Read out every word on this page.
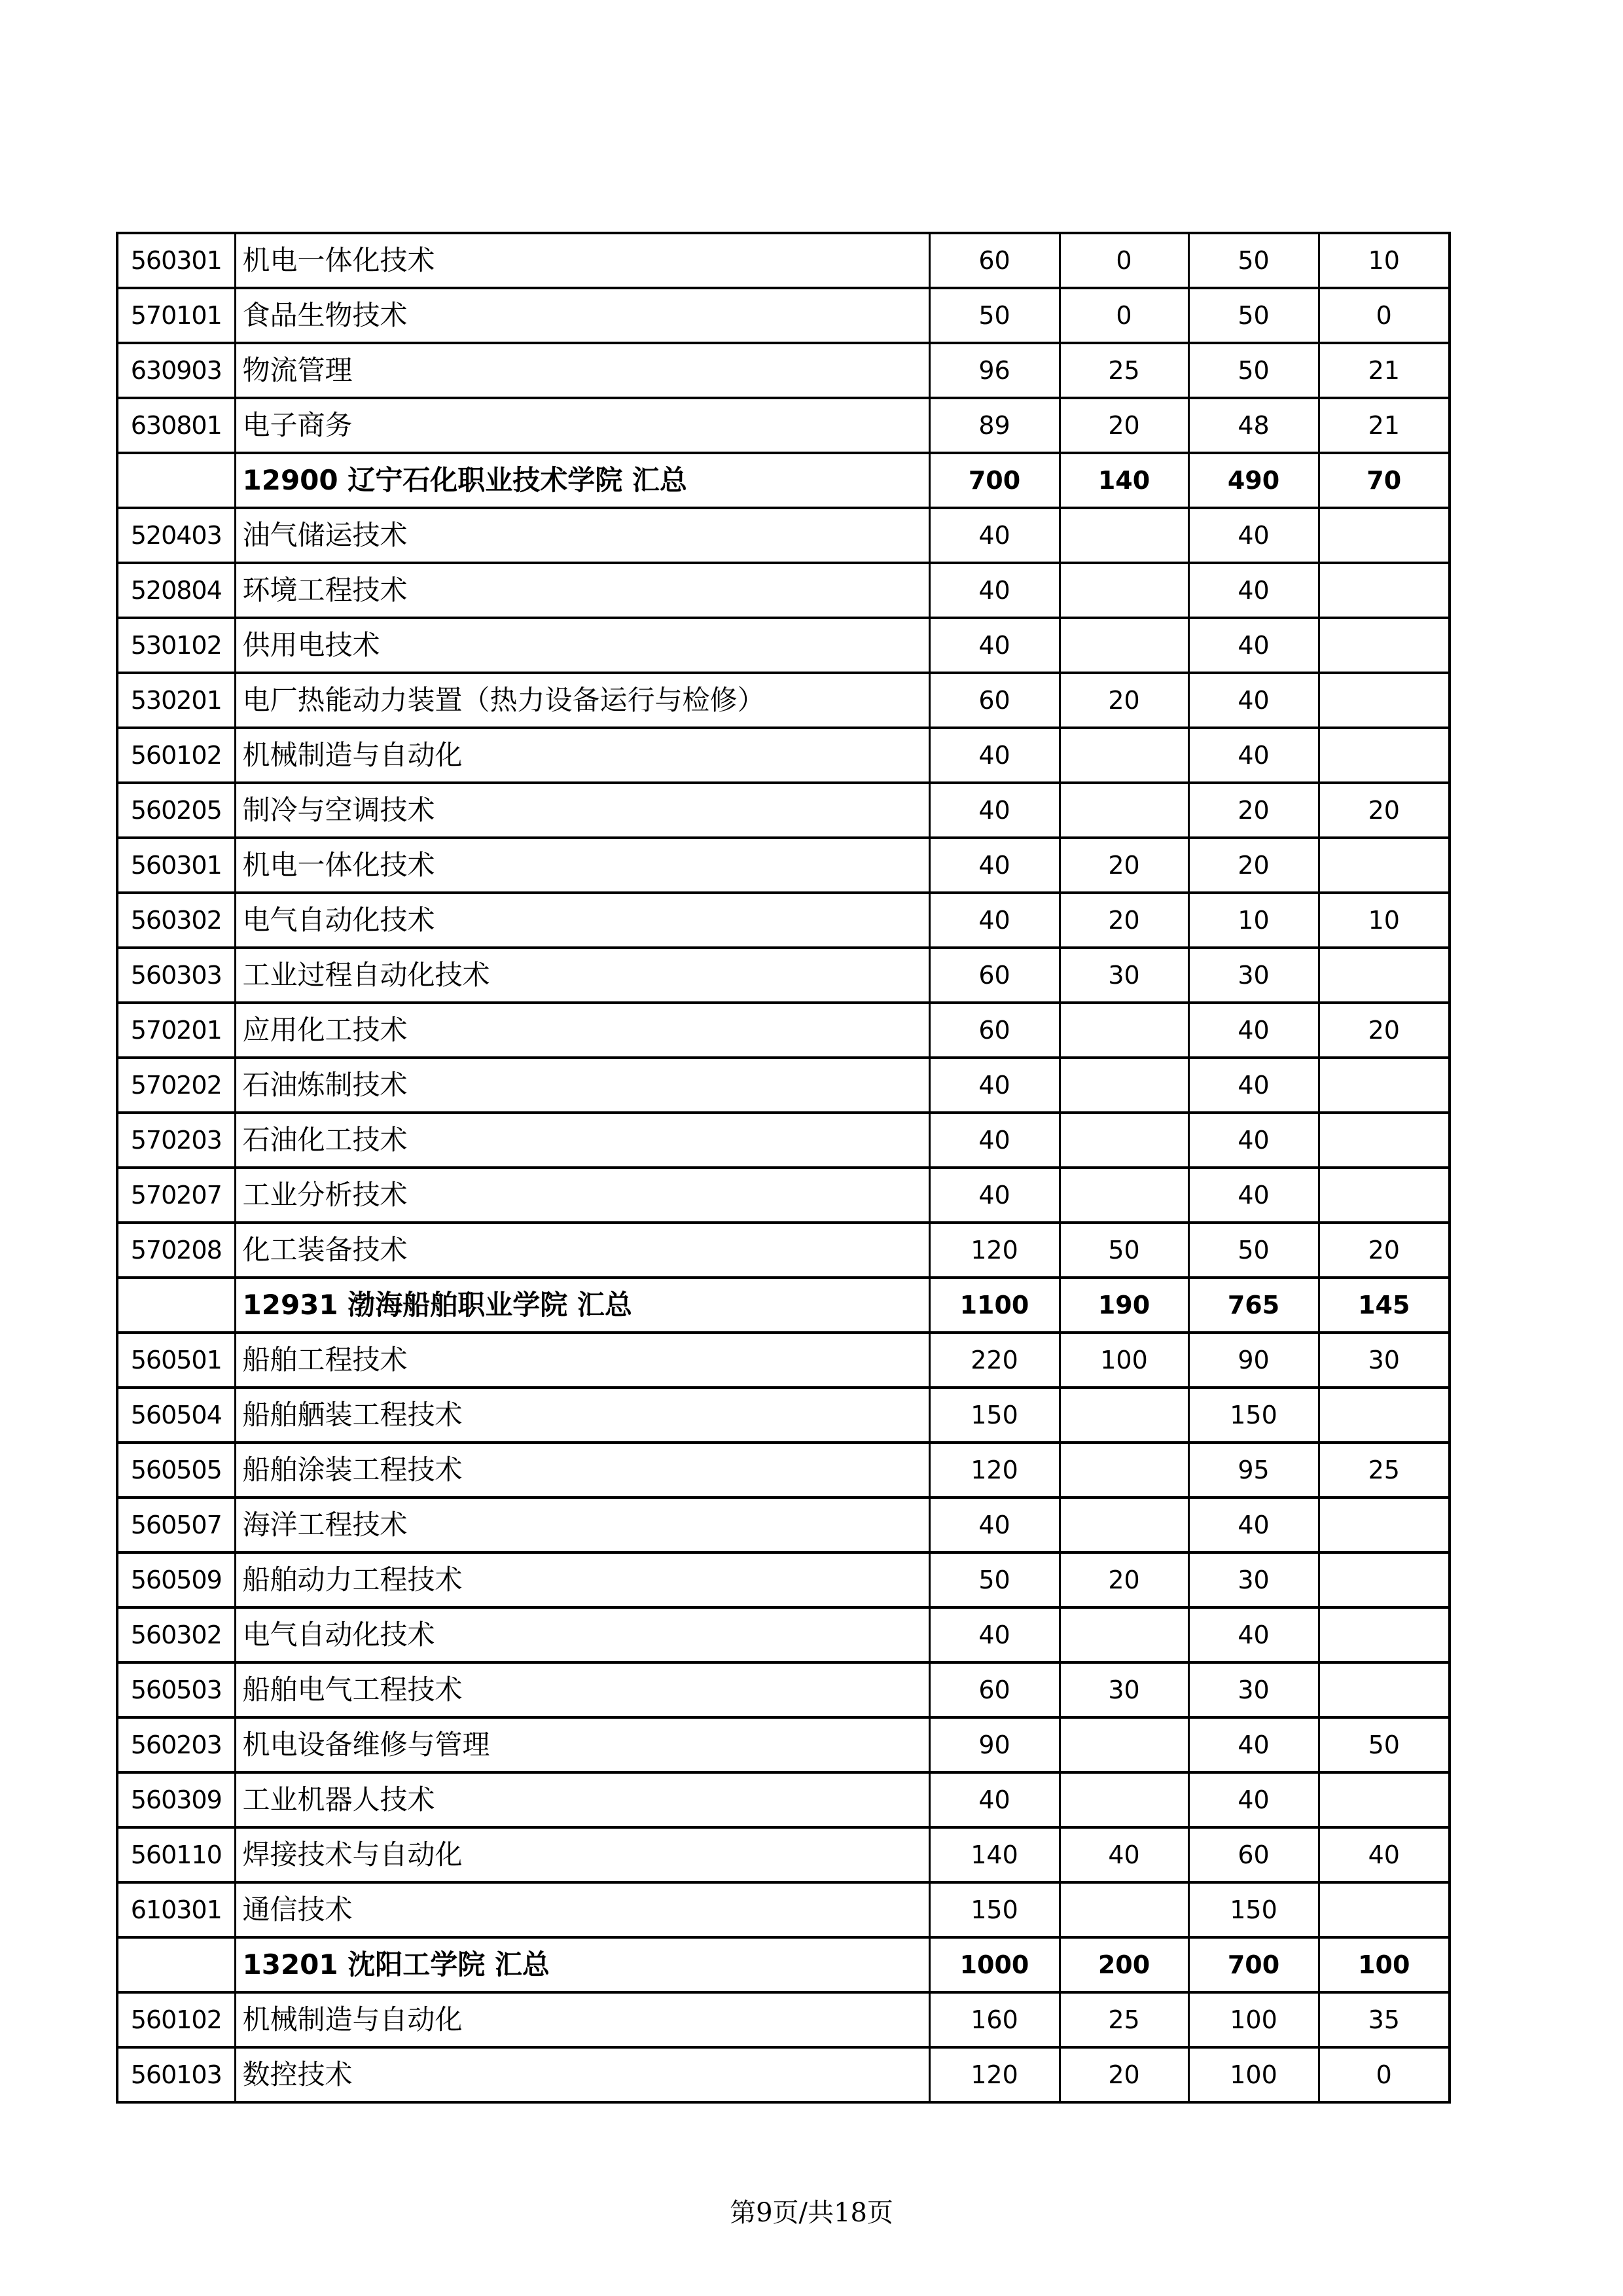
560301	机电一体化技术	60	0	50	10
570101	食品生物技术	50	0	50	0
630903	物流管理	96	25	50	21
630801	电子商务	89	20	48	21
	12900 辽宁石化职业技术学院 汇总	700	140	490	70
520403	油气储运技术	40		40	
520804	环境工程技术	40		40	
530102	供用电技术	40		40	
530201	电厂热能动力装置（热力设备运行与检修）	60	20	40	
560102	机械制造与自动化	40		40	
560205	制冷与空调技术	40		20	20
560301	机电一体化技术	40	20	20	
560302	电气自动化技术	40	20	10	10
560303	工业过程自动化技术	60	30	30	
570201	应用化工技术	60		40	20
570202	石油炼制技术	40		40	
570203	石油化工技术	40		40	
570207	工业分析技术	40		40	
570208	化工装备技术	120	50	50	20
	12931 渤海船舶职业学院 汇总	1100	190	765	145
560501	船舶工程技术	220	100	90	30
560504	船舶舾装工程技术	150		150	
560505	船舶涂装工程技术	120		95	25
560507	海洋工程技术	40		40	
560509	船舶动力工程技术	50	20	30	
560302	电气自动化技术	40		40	
560503	船舶电气工程技术	60	30	30	
560203	机电设备维修与管理	90		40	50
560309	工业机器人技术	40		40	
560110	焊接技术与自动化	140	40	60	40
610301	通信技术	150		150	
	13201 沈阳工学院 汇总	1000	200	700	100
560102	机械制造与自动化	160	25	100	35
560103	数控技术	120	20	100	0
第9页/共18页
